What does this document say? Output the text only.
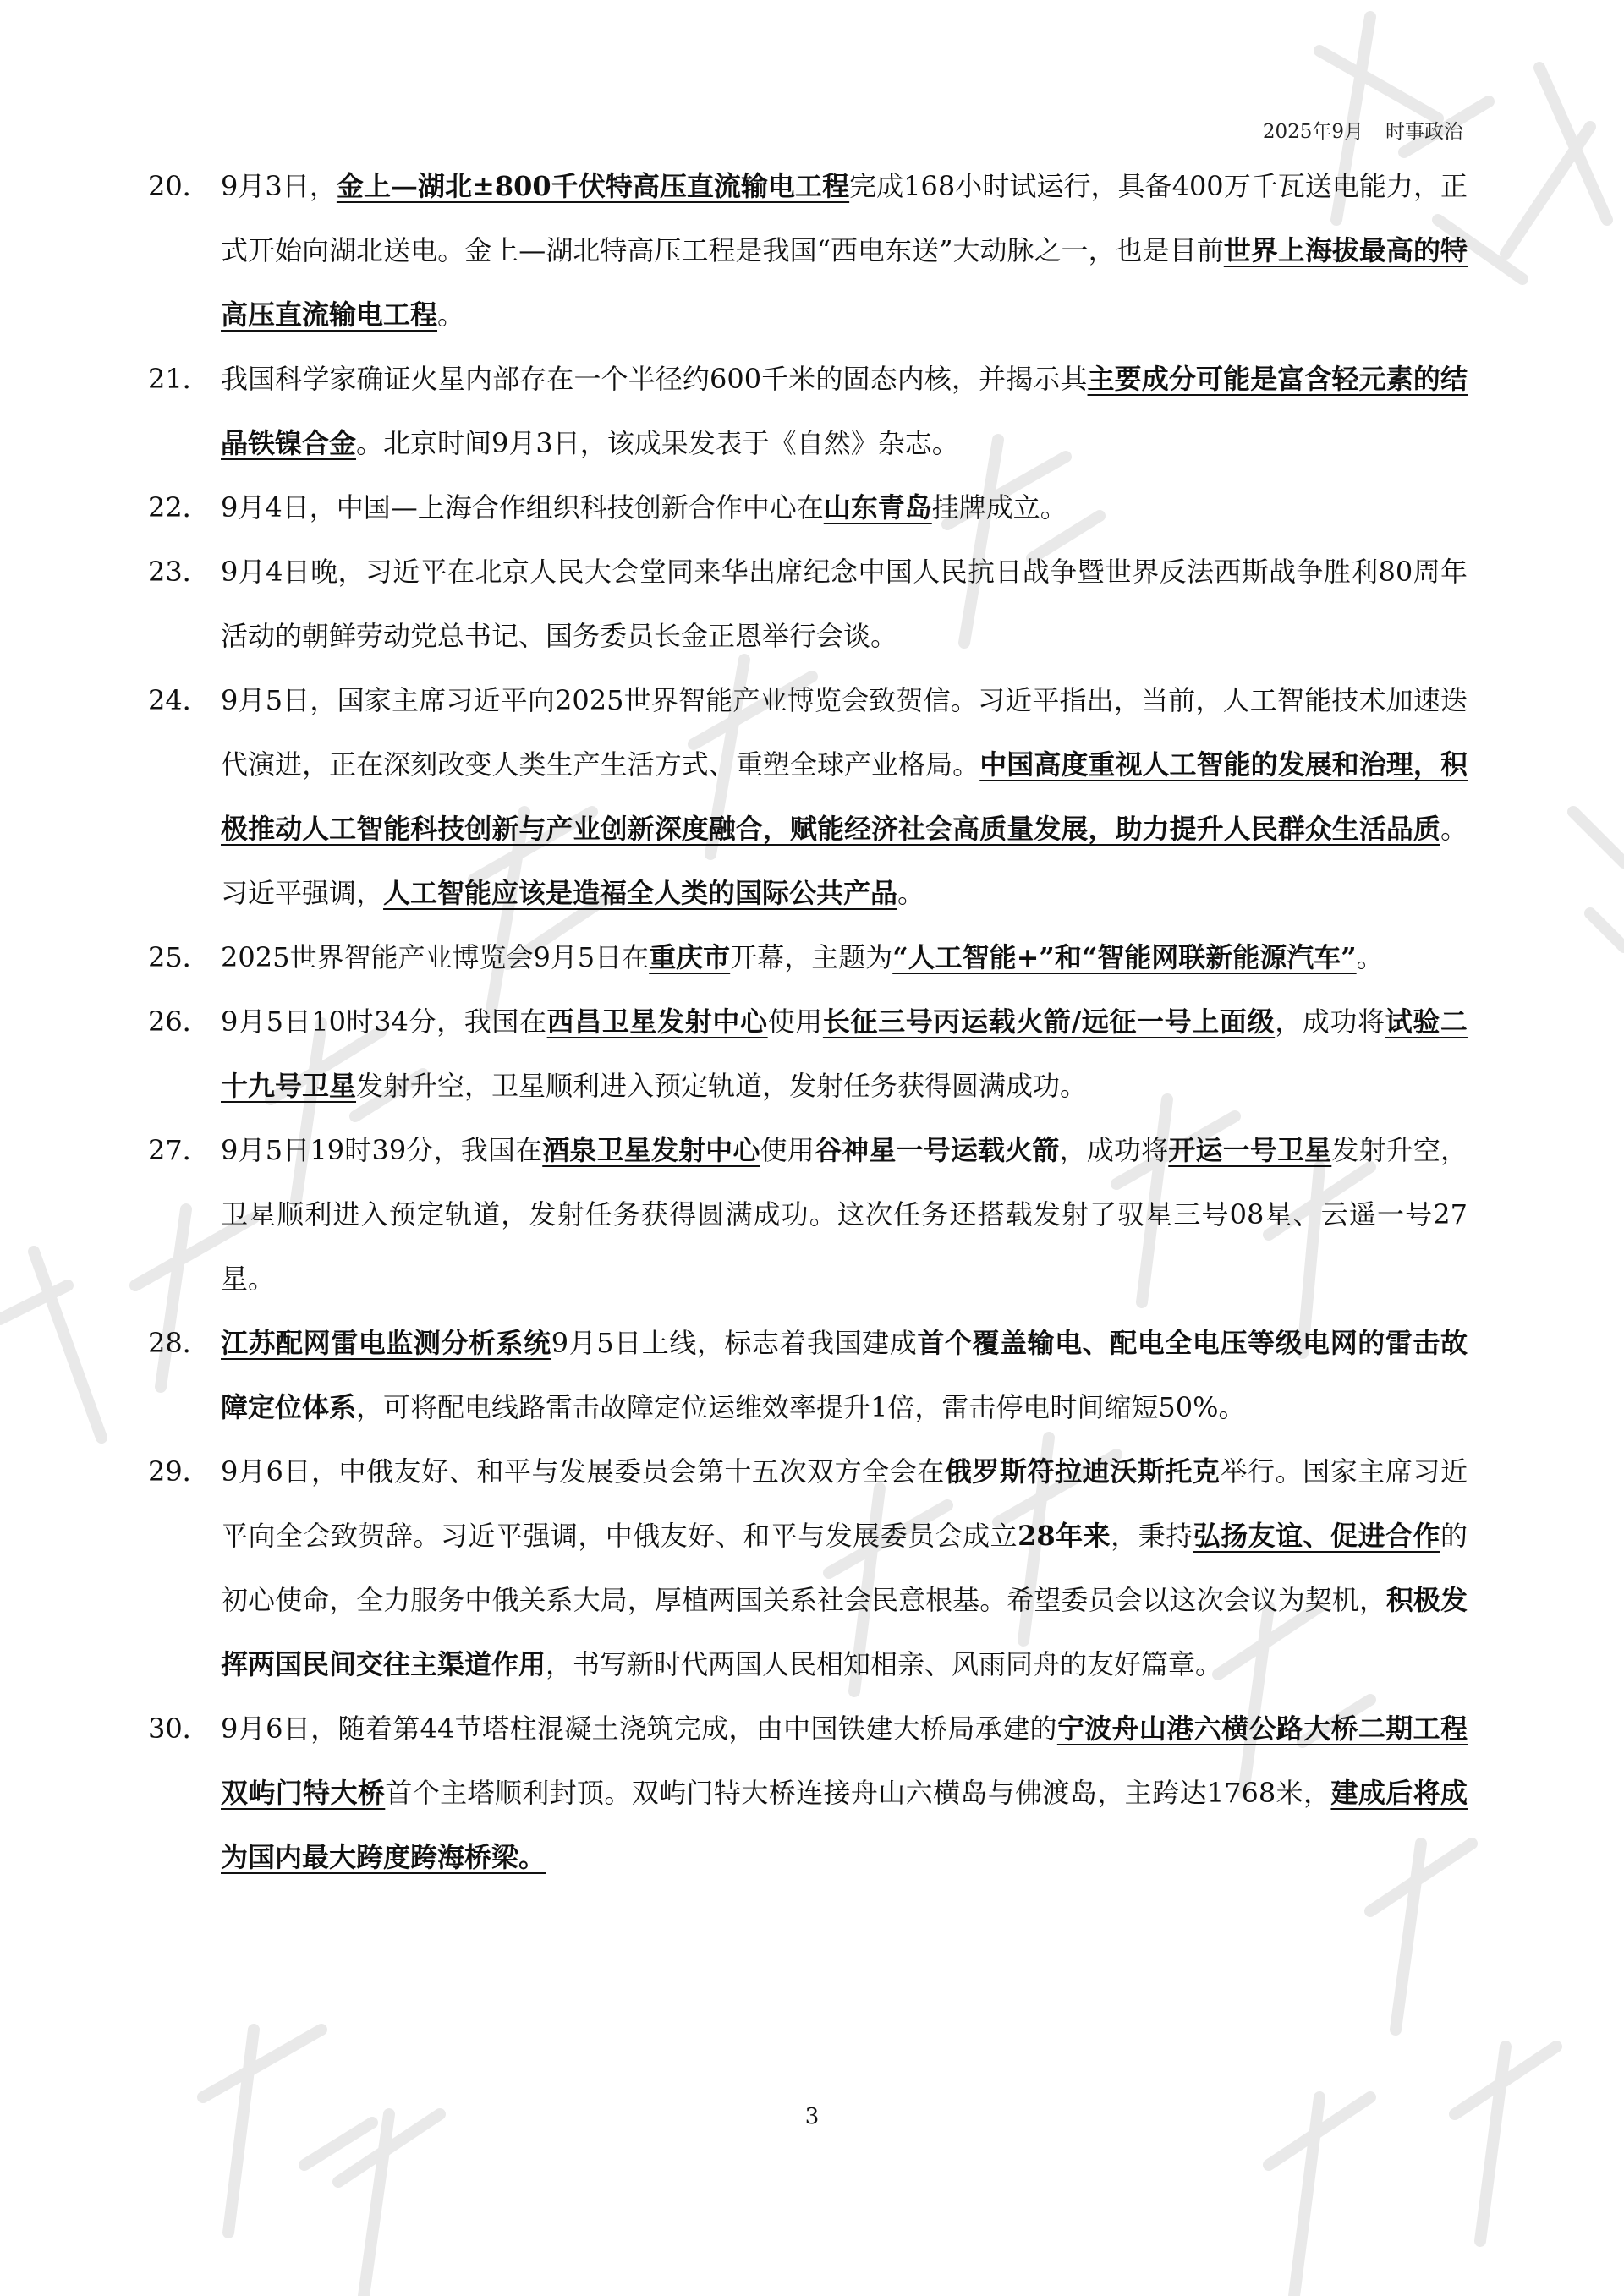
2025年9月 时事政治
20． 9月3日，金上—湖北±800千伏特高压直流输电工程完成168小时试运行，具备400万千瓦送电能力，正式开始向湖北送电。金上—湖北特高压工程是我国“西电东送”大动脉之一，也是目前世界上海拔最高的特高压直流输电工程。
21． 我国科学家确证火星内部存在一个半径约600千米的固态内核，并揭示其主要成分可能是富含轻元素的结晶铁镍合金。北京时间9月3日，该成果发表于《自然》杂志。
22． 9月4日，中国—上海合作组织科技创新合作中心在山东青岛挂牌成立。
23． 9月4日晚，习近平在北京人民大会堂同来华出席纪念中国人民抗日战争暨世界反法西斯战争胜利80周年活动的朝鲜劳动党总书记、国务委员长金正恩举行会谈。
24． 9月5日，国家主席习近平向2025世界智能产业博览会致贺信。习近平指出，当前，人工智能技术加速迭代演进，正在深刻改变人类生产生活方式、重塑全球产业格局。中国高度重视人工智能的发展和治理，积极推动人工智能科技创新与产业创新深度融合，赋能经济社会高质量发展，助力提升人民群众生活品质。习近平强调，人工智能应该是造福全人类的国际公共产品。
25． 2025世界智能产业博览会9月5日在重庆市开幕，主题为“人工智能+”和“智能网联新能源汽车”。
26． 9月5日10时34分，我国在西昌卫星发射中心使用长征三号丙运载火箭/远征一号上面级，成功将试验二十九号卫星发射升空，卫星顺利进入预定轨道，发射任务获得圆满成功。
27． 9月5日19时39分，我国在酒泉卫星发射中心使用谷神星一号运载火箭，成功将开运一号卫星发射升空，卫星顺利进入预定轨道，发射任务获得圆满成功。这次任务还搭载发射了驭星三号08星、云遥一号27星。
28． 江苏配网雷电监测分析系统9月5日上线，标志着我国建成首个覆盖输电、配电全电压等级电网的雷击故障定位体系，可将配电线路雷击故障定位运维效率提升1倍，雷击停电时间缩短50%。
29． 9月6日，中俄友好、和平与发展委员会第十五次双方全会在俄罗斯符拉迪沃斯托克举行。国家主席习近平向全会致贺辞。习近平强调，中俄友好、和平与发展委员会成立28年来，秉持弘扬友谊、促进合作的初心使命，全力服务中俄关系大局，厚植两国关系社会民意根基。希望委员会以这次会议为契机，积极发挥两国民间交往主渠道作用，书写新时代两国人民相知相亲、风雨同舟的友好篇章。
30． 9月6日，随着第44节塔柱混凝土浇筑完成，由中国铁建大桥局承建的宁波舟山港六横公路大桥二期工程双屿门特大桥首个主塔顺利封顶。双屿门特大桥连接舟山六横岛与佛渡岛，主跨达1768米，建成后将成为国内最大跨度跨海桥梁。
3
